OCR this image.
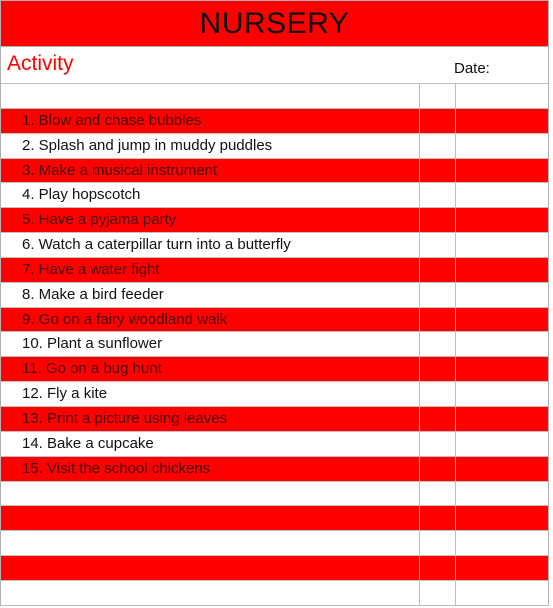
NURSERY
Activity	Date:
1. Blow and chase bubbles
2. Splash and jump in muddy puddles
3. Make a musical instrument
4. Play hopscotch
5. Have a pyjama party
6. Watch a caterpillar turn into a butterfly
7. Have a water fight
8. Make a bird feeder
9. Go on a fairy woodland walk
10. Plant a sunflower
11. Go on a bug hunt
12. Fly a kite
13. Print a picture using leaves
14. Bake a cupcake
15. Visit the school chickens
